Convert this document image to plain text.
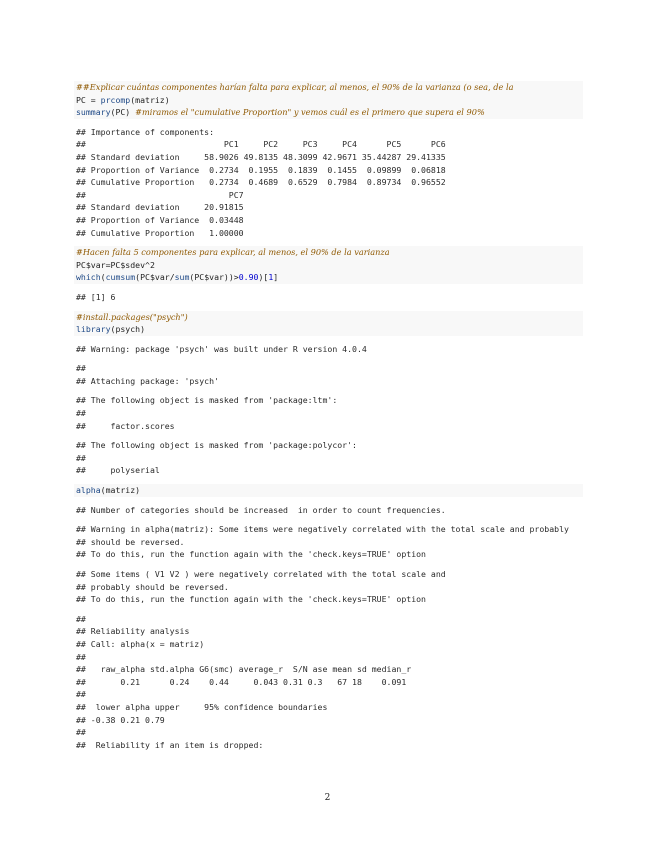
##Explicar cuántas componentes harían falta para explicar, al menos, el 90% de la varianza (o sea, de la
PC = prcomp(matriz)
summary(PC) #miramos el "cumulative Proportion" y vemos cuál es el primero que supera el 90%
## Importance of components:
##                            PC1     PC2     PC3     PC4      PC5      PC6
## Standard deviation     58.9026 49.8135 48.3099 42.9671 35.44287 29.41335
## Proportion of Variance  0.2734  0.1955  0.1839  0.1455  0.09899  0.06818
## Cumulative Proportion   0.2734  0.4689  0.6529  0.7984  0.89734  0.96552
##                             PC7
## Standard deviation     20.91815
## Proportion of Variance  0.03448
## Cumulative Proportion   1.00000
#Hacen falta 5 componentes para explicar, al menos, el 90% de la varianza
PC$var=PC$sdev^2
which(cumsum(PC$var/sum(PC$var))>0.90)[1]
## [1] 6
#install.packages("psych")
library(psych)
## Warning: package 'psych' was built under R version 4.0.4
##
## Attaching package: 'psych'
## The following object is masked from 'package:ltm':
##
##     factor.scores
## The following object is masked from 'package:polycor':
##
##     polyserial
alpha(matriz)
## Number of categories should be increased  in order to count frequencies.
## Warning in alpha(matriz): Some items were negatively correlated with the total scale and probably
## should be reversed.
## To do this, run the function again with the 'check.keys=TRUE' option
## Some items ( V1 V2 ) were negatively correlated with the total scale and
## probably should be reversed.
## To do this, run the function again with the 'check.keys=TRUE' option
##
## Reliability analysis
## Call: alpha(x = matriz)
##
##   raw_alpha std.alpha G6(smc) average_r  S/N ase mean sd median_r
##       0.21      0.24    0.44     0.043 0.31 0.3   67 18    0.091
##
##  lower alpha upper     95% confidence boundaries
## -0.38 0.21 0.79
##
##  Reliability if an item is dropped:
2
